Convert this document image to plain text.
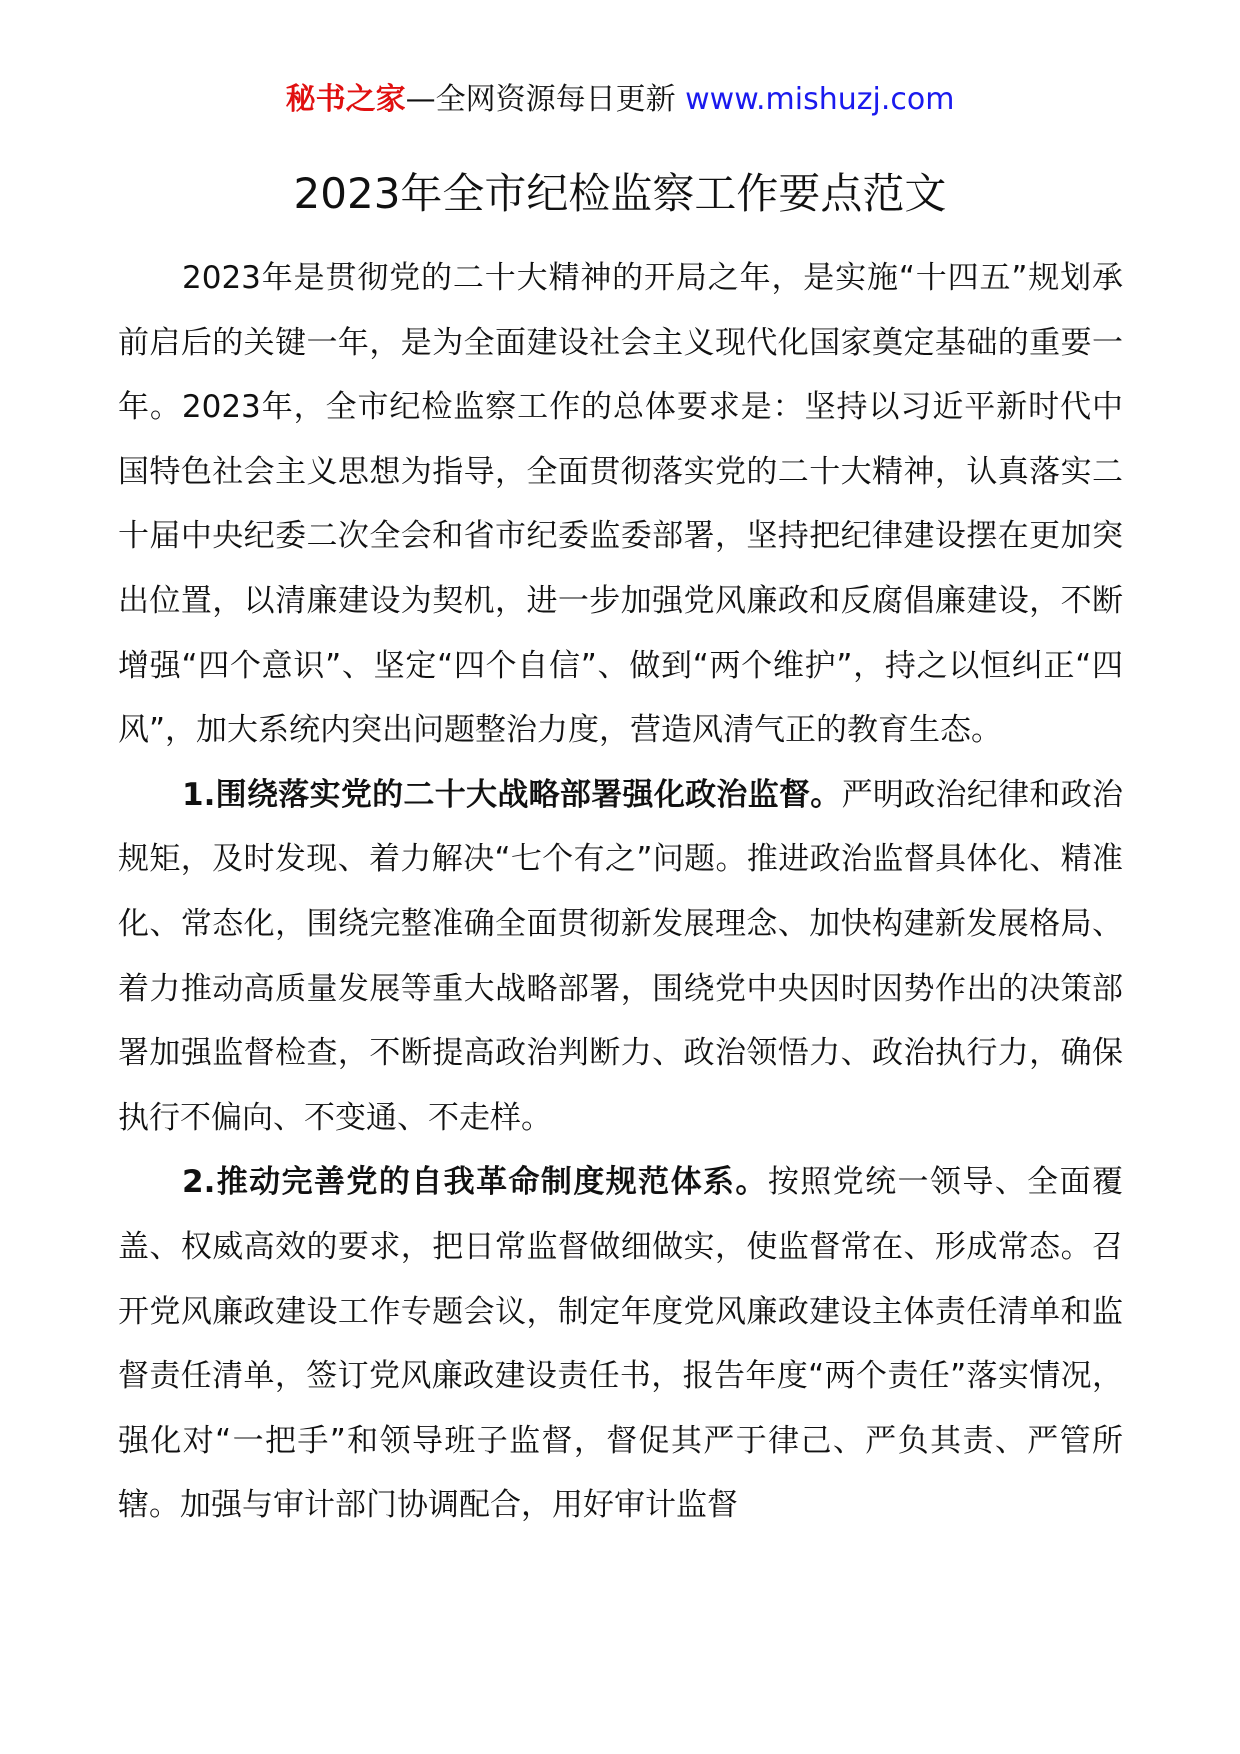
秘书之家—全网资源每日更新 www.mishuzj.com
2023年全市纪检监察工作要点范文

2023年是贯彻党的二十大精神的开局之年，是实施“十四五”规划承前启后的关键一年，是为全面建设社会主义现代化国家奠定基础的重要一年。2023年，全市纪检监察工作的总体要求是：坚持以习近平新时代中国特色社会主义思想为指导，全面贯彻落实党的二十大精神，认真落实二十届中央纪委二次全会和省市纪委监委部署，坚持把纪律建设摆在更加突出位置，以清廉建设为契机，进一步加强党风廉政和反腐倡廉建设，不断增强“四个意识”、坚定“四个自信”、做到“两个维护”，持之以恒纠正“四风”，加大系统内突出问题整治力度，营造风清气正的教育生态。

1.围绕落实党的二十大战略部署强化政治监督。严明政治纪律和政治规矩，及时发现、着力解决“七个有之”问题。推进政治监督具体化、精准化、常态化，围绕完整准确全面贯彻新发展理念、加快构建新发展格局、着力推动高质量发展等重大战略部署，围绕党中央因时因势作出的决策部署加强监督检查，不断提高政治判断力、政治领悟力、政治执行力，确保执行不偏向、不变通、不走样。

2.推动完善党的自我革命制度规范体系。按照党统一领导、全面覆盖、权威高效的要求，把日常监督做细做实，使监督常在、形成常态。召开党风廉政建设工作专题会议，制定年度党风廉政建设主体责任清单和监督责任清单，签订党风廉政建设责任书，报告年度“两个责任”落实情况，强化对“一把手”和领导班子监督，督促其严于律己、严负其责、严管所辖。加强与审计部门协调配合，用好审计监督
